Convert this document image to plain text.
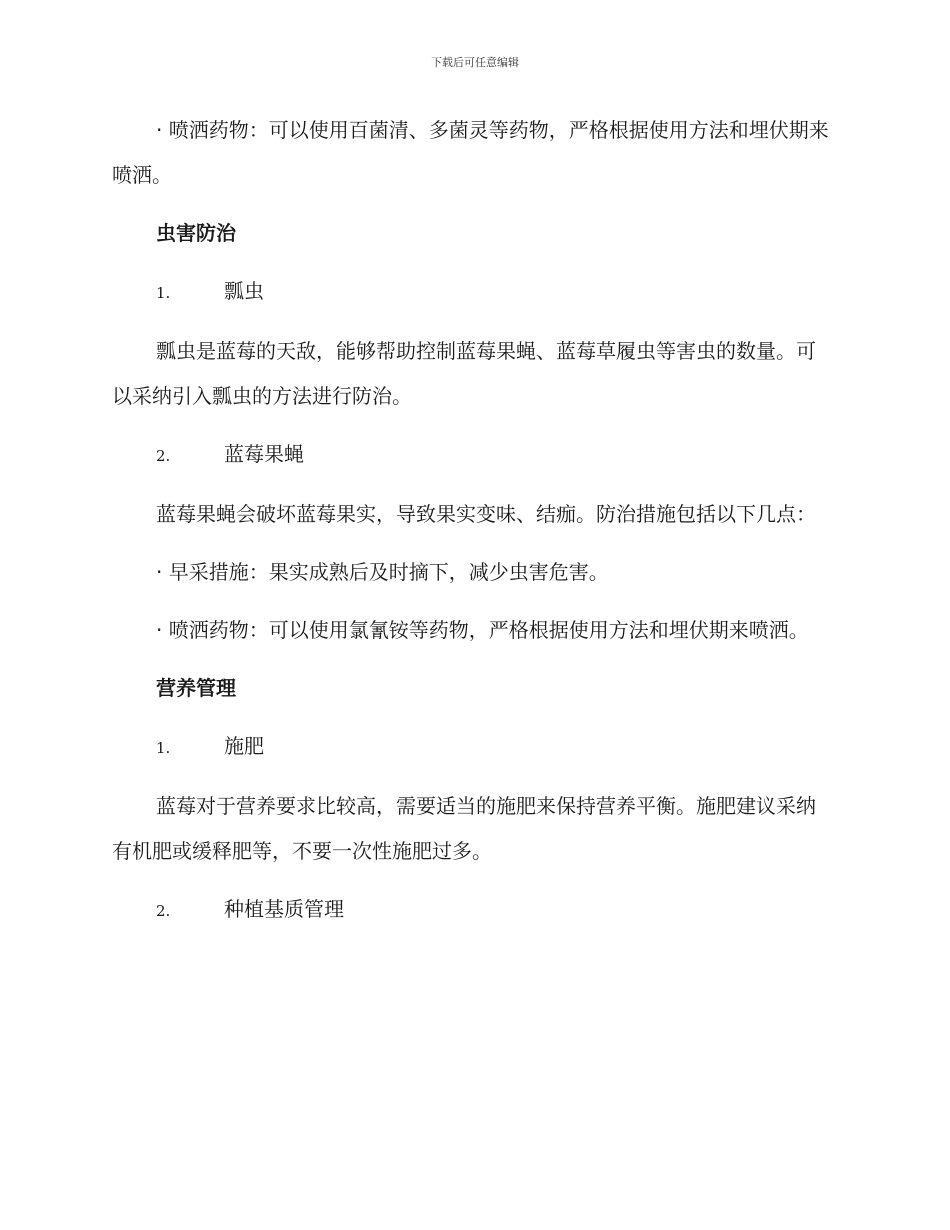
下载后可任意编辑

· 喷洒药物：可以使用百菌清、多菌灵等药物，严格根据使用方法和埋伏期来喷洒。

虫害防治
1.	瓢虫

瓢虫是蓝莓的天敌，能够帮助控制蓝莓果蝇、蓝莓草履虫等害虫的数量。可以采纳引入瓢虫的方法进行防治。

2.	蓝莓果蝇

蓝莓果蝇会破坏蓝莓果实，导致果实变味、结痂。防治措施包括以下几点：

· 早采措施：果实成熟后及时摘下，减少虫害危害。

· 喷洒药物：可以使用氯氰铵等药物，严格根据使用方法和埋伏期来喷洒。

营养管理
1.	施肥

蓝莓对于营养要求比较高，需要适当的施肥来保持营养平衡。施肥建议采纳有机肥或缓释肥等，不要一次性施肥过多。

2.	种植基质管理
